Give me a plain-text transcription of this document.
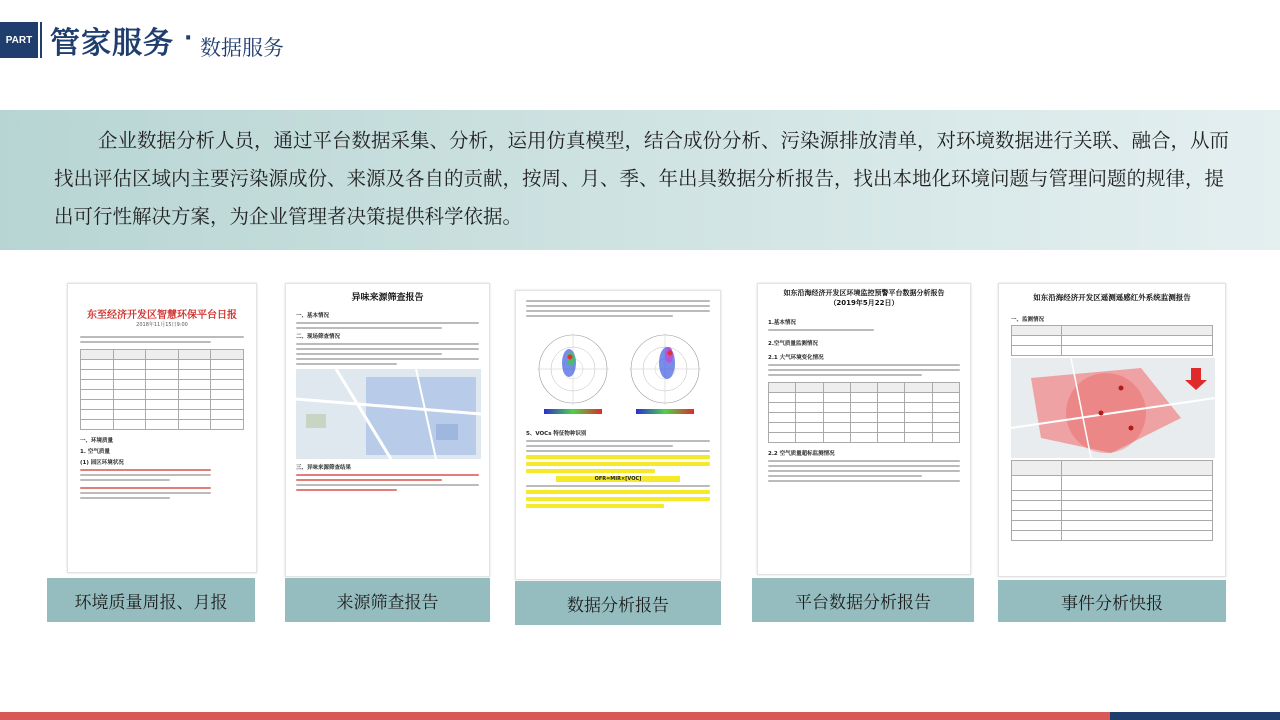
PART 管家服务 · 数据服务
企业数据分析人员，通过平台数据采集、分析，运用仿真模型，结合成份分析、污染源排放清单，对环境数据进行关联、融合，从而找出评估区域内主要污染源成份、来源及各自的贡献，按周、月、季、年出具数据分析报告，找出本地化环境问题与管理问题的规律，提出可行性解决方案，为企业管理者决策提供科学依据。
东至经济开发区智慧环保平台日报
2018年11月15日9:00

一、环境质量
1. 空气质量
(1) 园区环境状况
环境质量周报、月报
异味来源筛查报告
一、基本情况
二、现场筛查情况
三、异味来源筛查结果
来源筛查报告
5、VOCs 特征物种识别
OFR=MIR×[VOC]
数据分析报告
如东沿海经济开发区环境监控预警平台数据分析报告
（2019年5月22日）
1.基本情况
2.空气质量监测情况
2.1 大气环境变化情况

2.2 空气质量超标监测情况
平台数据分析报告
如东沿海经济开发区遥测遥感红外系统监测报告
一、监测情况

事件分析快报
